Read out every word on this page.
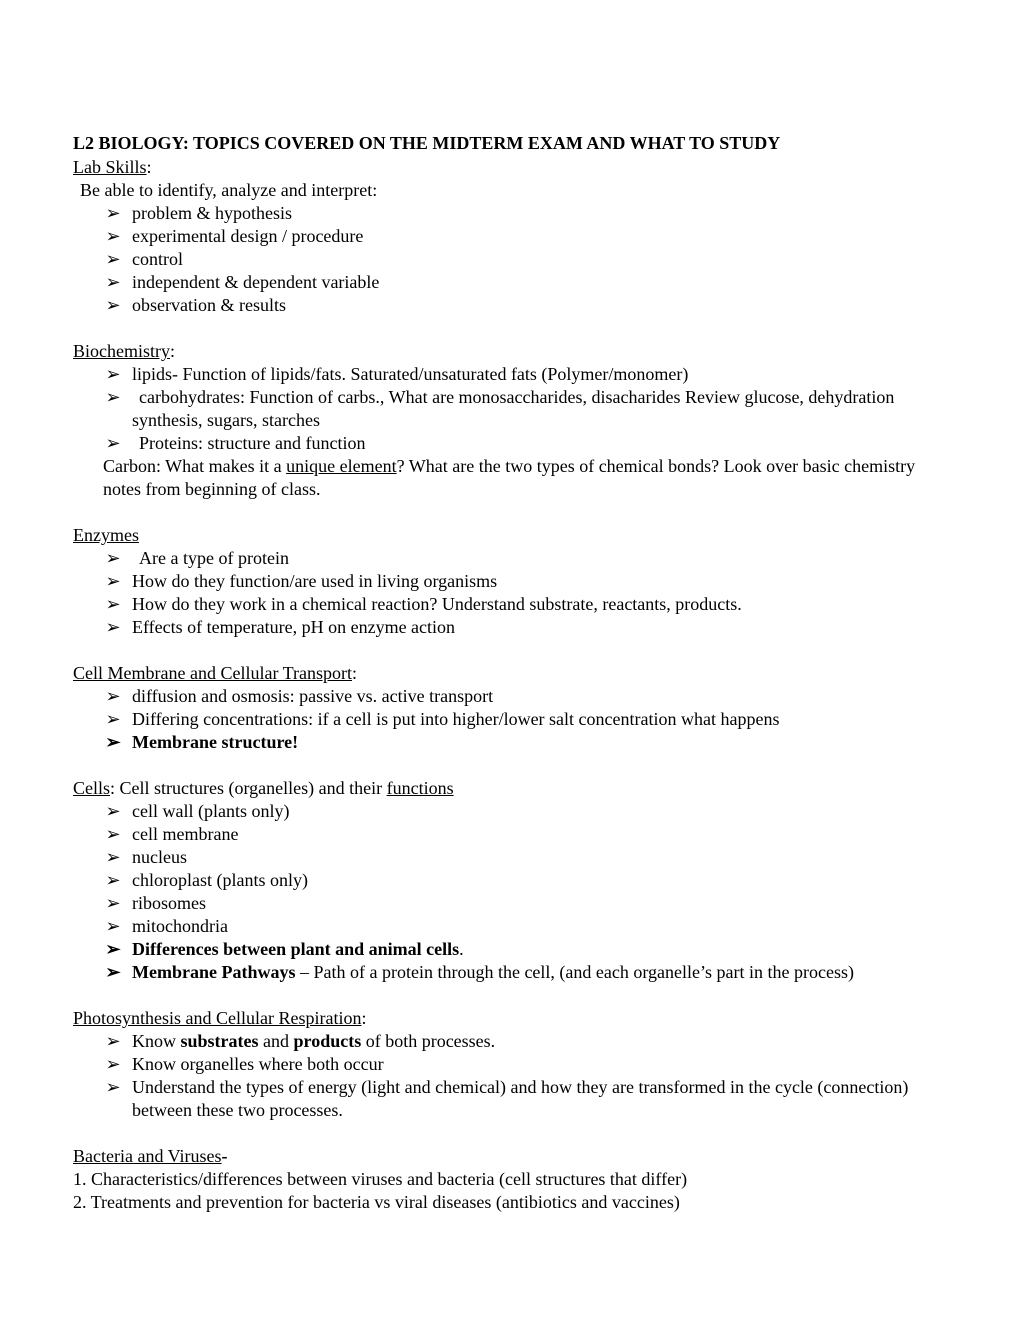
L2 BIOLOGY: TOPICS COVERED ON THE MIDTERM EXAM AND WHAT TO STUDY
Lab Skills:
Be able to identify, analyze and interpret:
➢ problem & hypothesis
➢ experimental design / procedure
➢ control
➢ independent & dependent variable
➢ observation & results
Biochemistry:
➢ lipids- Function of lipids/fats. Saturated/unsaturated fats (Polymer/monomer)
➢ carbohydrates: Function of carbs., What are monosaccharides, disacharides Review glucose, dehydration synthesis, sugars, starches
➢ Proteins: structure and function
Carbon: What makes it a unique element? What are the two types of chemical bonds? Look over basic chemistry notes from beginning of class.
Enzymes
➢ Are a type of protein
➢ How do they function/are used in living organisms
➢ How do they work in a chemical reaction? Understand substrate, reactants, products.
➢ Effects of temperature, pH on enzyme action
Cell Membrane and Cellular Transport:
➢ diffusion and osmosis: passive vs. active transport
➢ Differing concentrations: if a cell is put into higher/lower salt concentration what happens
➢ Membrane structure!
Cells: Cell structures (organelles) and their functions
➢ cell wall (plants only)
➢ cell membrane
➢ nucleus
➢ chloroplast (plants only)
➢ ribosomes
➢ mitochondria
➢ Differences between plant and animal cells.
➢ Membrane Pathways – Path of a protein through the cell, (and each organelle’s part in the process)
Photosynthesis and Cellular Respiration:
➢ Know substrates and products of both processes.
➢ Know organelles where both occur
➢ Understand the types of energy (light and chemical) and how they are transformed in the cycle (connection) between these two processes.
Bacteria and Viruses-
1. Characteristics/differences between viruses and bacteria (cell structures that differ)
2. Treatments and prevention for bacteria vs viral diseases (antibiotics and vaccines)
